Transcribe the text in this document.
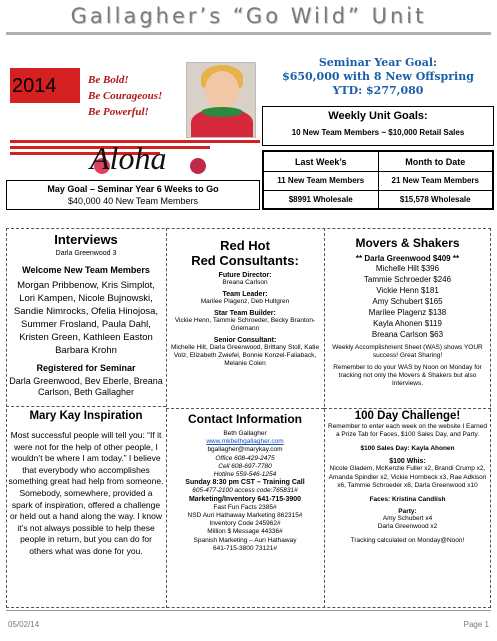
Gallagher’s “Go Wild” Unit
2014	Be Bold!
Be Courageous!
Be Powerful!
Aloha
Seminar Year Goal:
$650,000 with 8 New Offspring
YTD: $277,080
Weekly Unit Goals:
10 New Team Members ~ $10,000 Retail Sales
Last Week’s	Month to Date
11 New Team Members	21 New Team Members
$8991 Wholesale	$15,578 Wholesale
May Goal – Seminar Year 6 Weeks to Go
$40,000 40 New Team Members
Interviews
Darla Greenwood 3
Welcome New Team Members
Morgan Pribbenow, Kris Simplot, Lori Kampen, Nicole Bujnowski, Sandie Nimrocks, Ofelia Hinojosa, Summer Frosland, Paula Dahl, Kristen Green, Kathleen Easton Barbara Krohn
Registered for Seminar
Darla Greenwood, Bev Eberle, Breana Carlson, Beth Gallagher
Red Hot
Red Consultants:
Future Director:
Breana Carlson
Team Leader:
Marilee Plagenz, Deb Hultgren
Star Team Builder:
Vickie Henn, Tammie Schroeder, Becky Branton-Griemann
Senior Consultant:
Michelle Hilt, Darla Greenwood, Brittany Stoll, Katie Volz, Elizabeth Zwiefel, Bonnie Konzel-Faliaback, Melanie Colen
Movers & Shakers
** Darla Greenwood $409 **
Michelle Hilt $396
Tammie Schroeder $246
Vickie Henn $181
Amy Schubert $165
Marilee Plagenz $138
Kayla Ahonen $119
Breana Carlson $63
Weekly Accomplishment Sheet (WAS) shows YOUR success! Great Sharing!
Remember to do your WAS by Noon on Monday for tracking not only the Movers & Shakers but also Interviews.
Mary Kay Inspiration
Most successful people will tell you: “If it were not for the help of other people, I wouldn’t be where I am today.” I believe that everybody who accomplishes something great had help from someone. Somebody, somewhere, provided a spark of inspiration, offered a challenge or held out a hand along the way. I know it’s not always possible to help these people in return, but you can do for others what was done for you.
Contact Information
Beth Gallagher
www.mkbethgallagher.com
bgallagher@marykay.com
Office 608-429-2475
Cell 608-697-7780
Hotline 559-546-1254
Sunday 8:30 pm CST – Training Call
605-477-2100 access code:765831#
Marketing/Inventory 641-715-3900
Fast Fun Facts 2385#
NSD Auri Hathaway Marketing 862315#
Inventory Code 245962#
Million $ Message 44336#
Spanish Marketing – Auri Hathaway
641-715-3800 73121#
100 Day Challenge!
Remember to enter each week on the website I Earned a Prize Tab for Faces, $100 Sales Day, and Party.
$100 Sales Day: Kayla Ahonen
$100 Whis:
Nicole Gladem, McKenzie Fuller x2, Brandi Crump x2, Amanda Spindler x2, Vickie Hornbeck x3, Rae Adkison x6, Tammie Schroeder x8, Darla Greenwood x10
Faces: Kristina Candlish
Party:
Amy Schubert x4
Darla Greenwood x2
Tracking calculated on Monday@Noon!
05/02/14	Page 1
